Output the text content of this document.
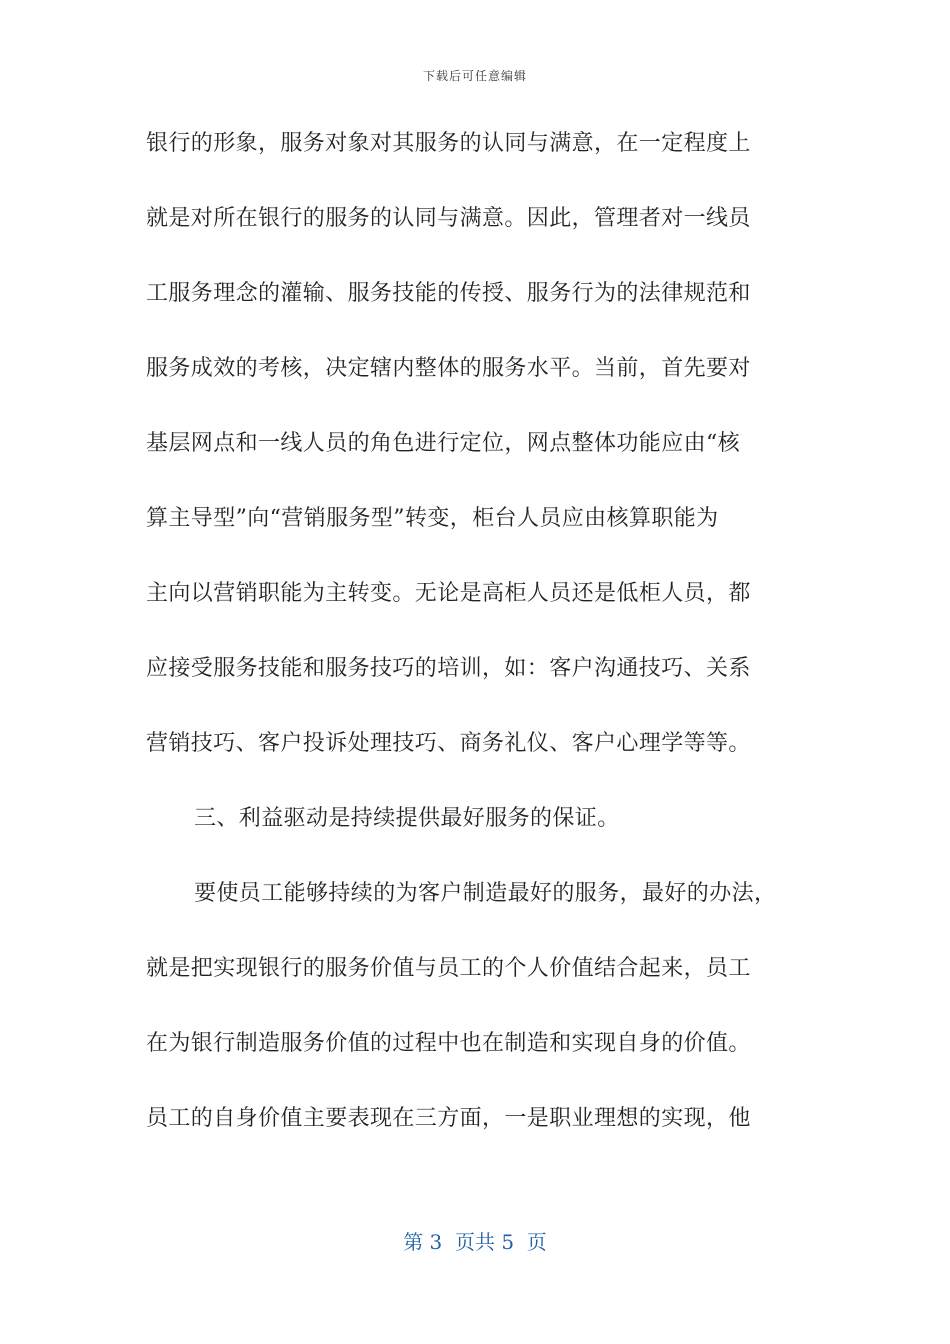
下载后可任意编辑
银行的形象，服务对象对其服务的认同与满意，在一定程度上
就是对所在银行的服务的认同与满意。因此，管理者对一线员
工服务理念的灌输、服务技能的传授、服务行为的法律规范和
服务成效的考核，决定辖内整体的服务水平。当前，首先要对
基层网点和一线人员的角色进行定位，网点整体功能应由“核
算主导型”向“营销服务型”转变，柜台人员应由核算职能为
主向以营销职能为主转变。无论是高柜人员还是低柜人员，都
应接受服务技能和服务技巧的培训，如：客户沟通技巧、关系
营销技巧、客户投诉处理技巧、商务礼仪、客户心理学等等。
三、利益驱动是持续提供最好服务的保证。
要使员工能够持续的为客户制造最好的服务，最好的办法，
就是把实现银行的服务价值与员工的个人价值结合起来，员工
在为银行制造服务价值的过程中也在制造和实现自身的价值。
员工的自身价值主要表现在三方面，一是职业理想的实现，他
第 3  页共 5  页
